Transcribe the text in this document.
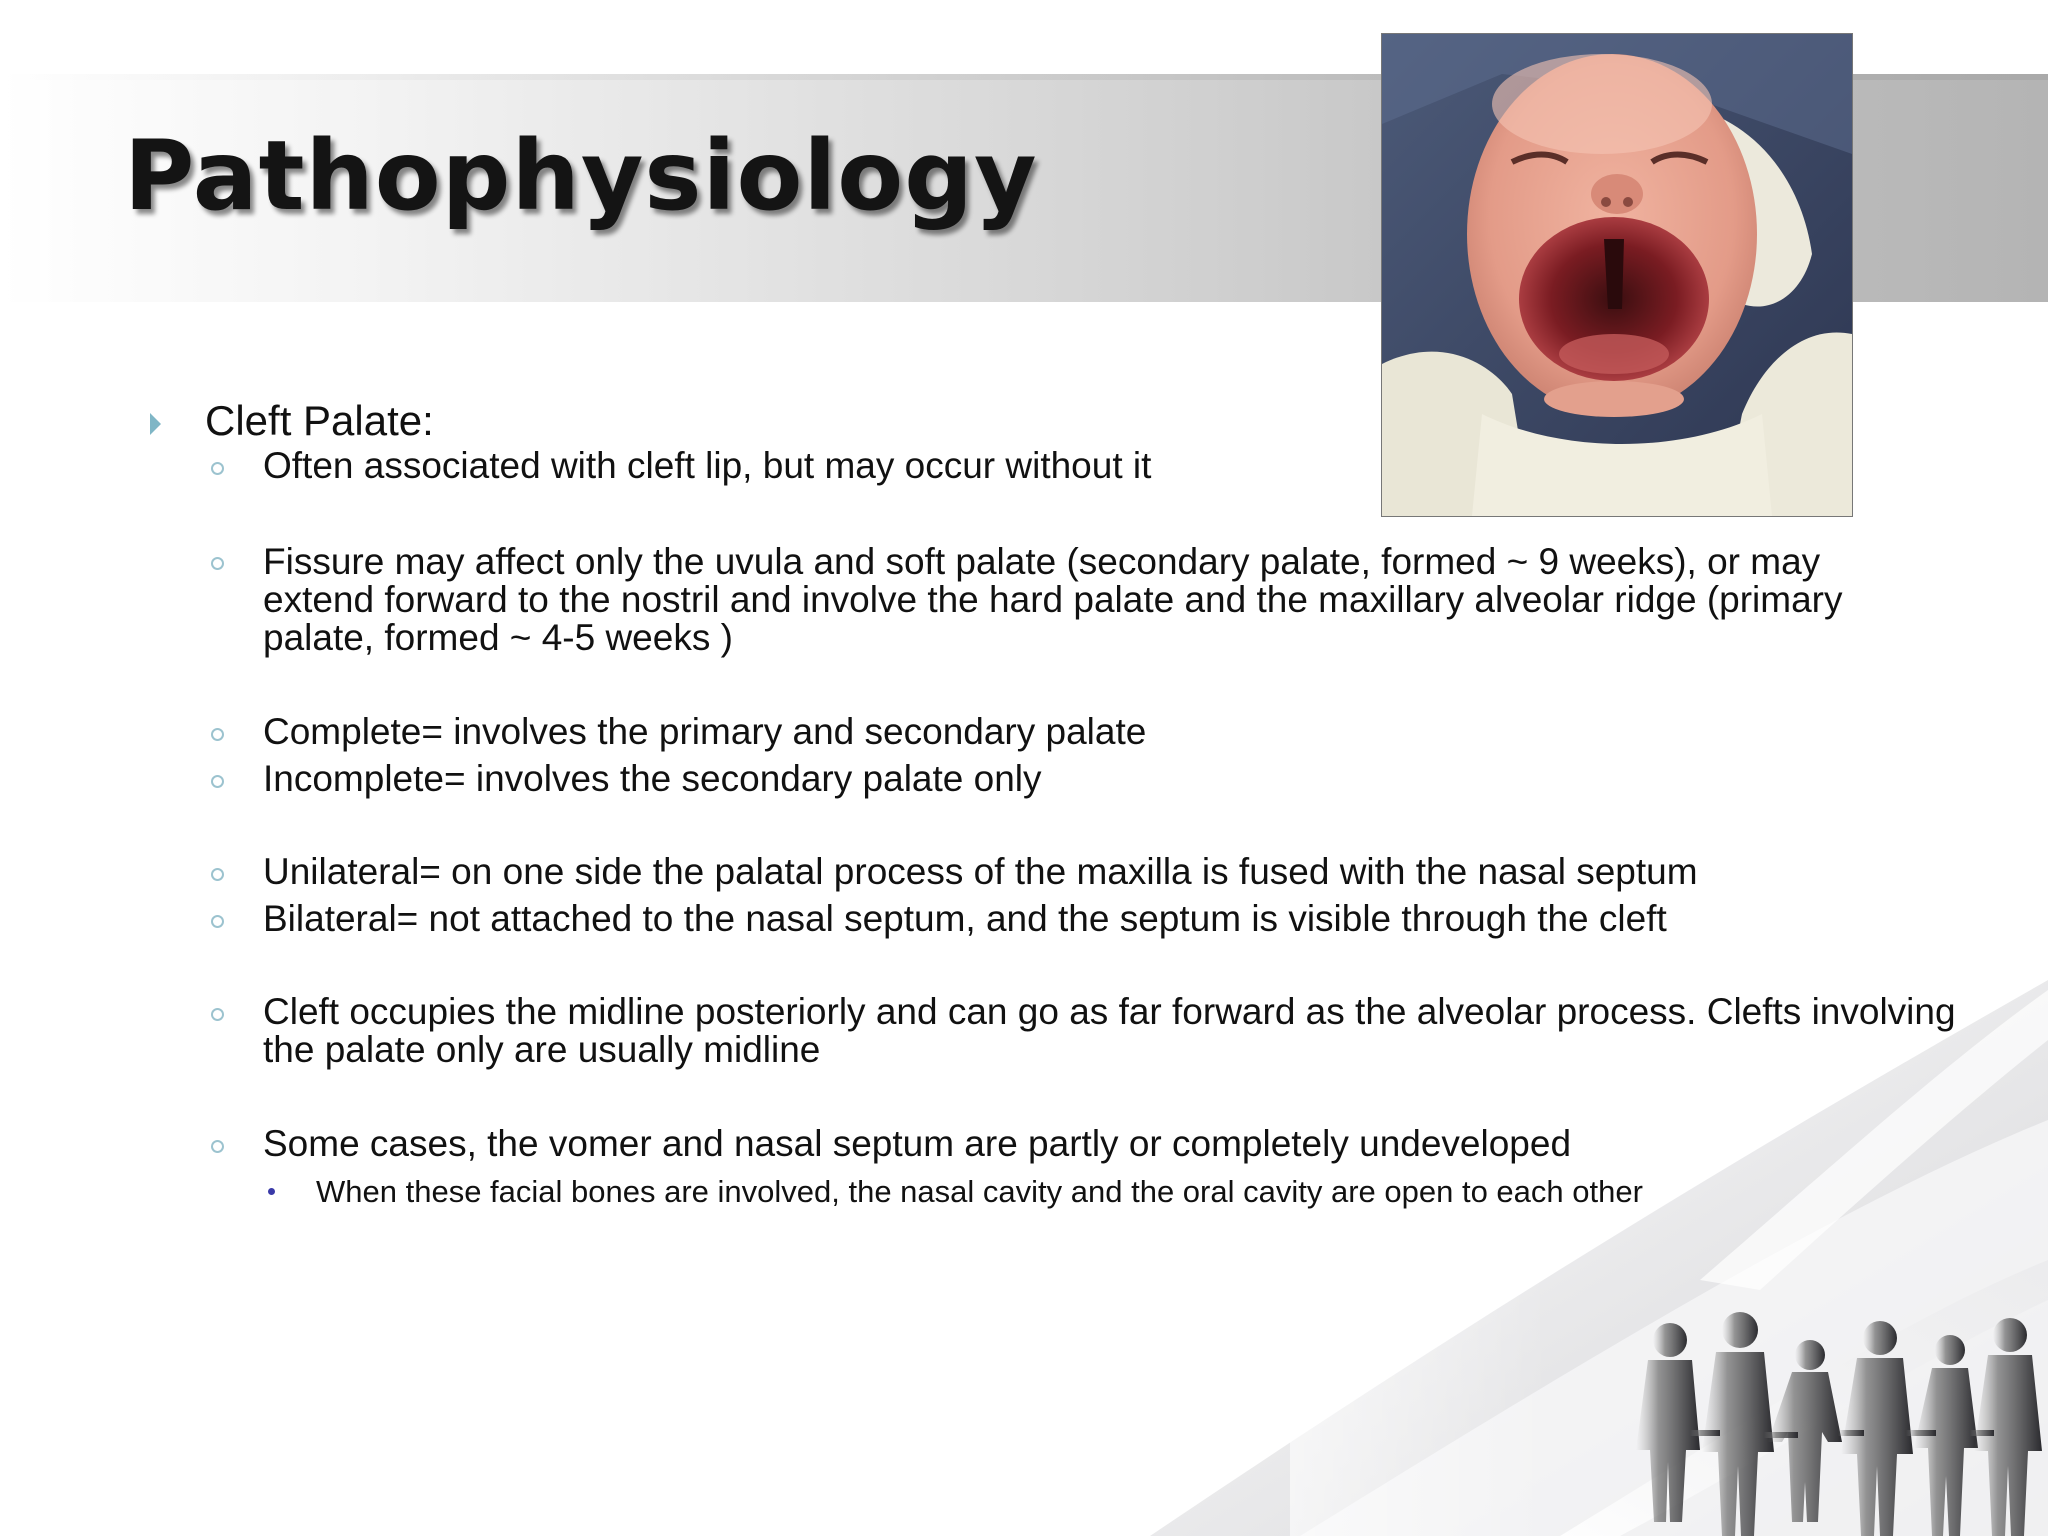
Pathophysiology
Cleft Palate:
Often associated with cleft lip, but may occur without it
Fissure may affect only the uvula and soft palate (secondary palate, formed ~ 9 weeks), or may extend forward to the nostril and involve the hard palate and the maxillary alveolar ridge (primary palate, formed ~ 4-5 weeks )
Complete= involves the primary and secondary palate
Incomplete= involves the secondary palate only
Unilateral= on one side the palatal process of the maxilla is fused with the nasal septum
Bilateral= not attached to the nasal septum, and the septum is visible through the cleft
Cleft occupies the midline posteriorly and can go as far forward as the alveolar process. Clefts involving the palate only are usually midline
Some cases, the vomer and nasal septum are partly or completely undeveloped
When these facial bones are involved, the nasal cavity and the oral cavity are open to each other
